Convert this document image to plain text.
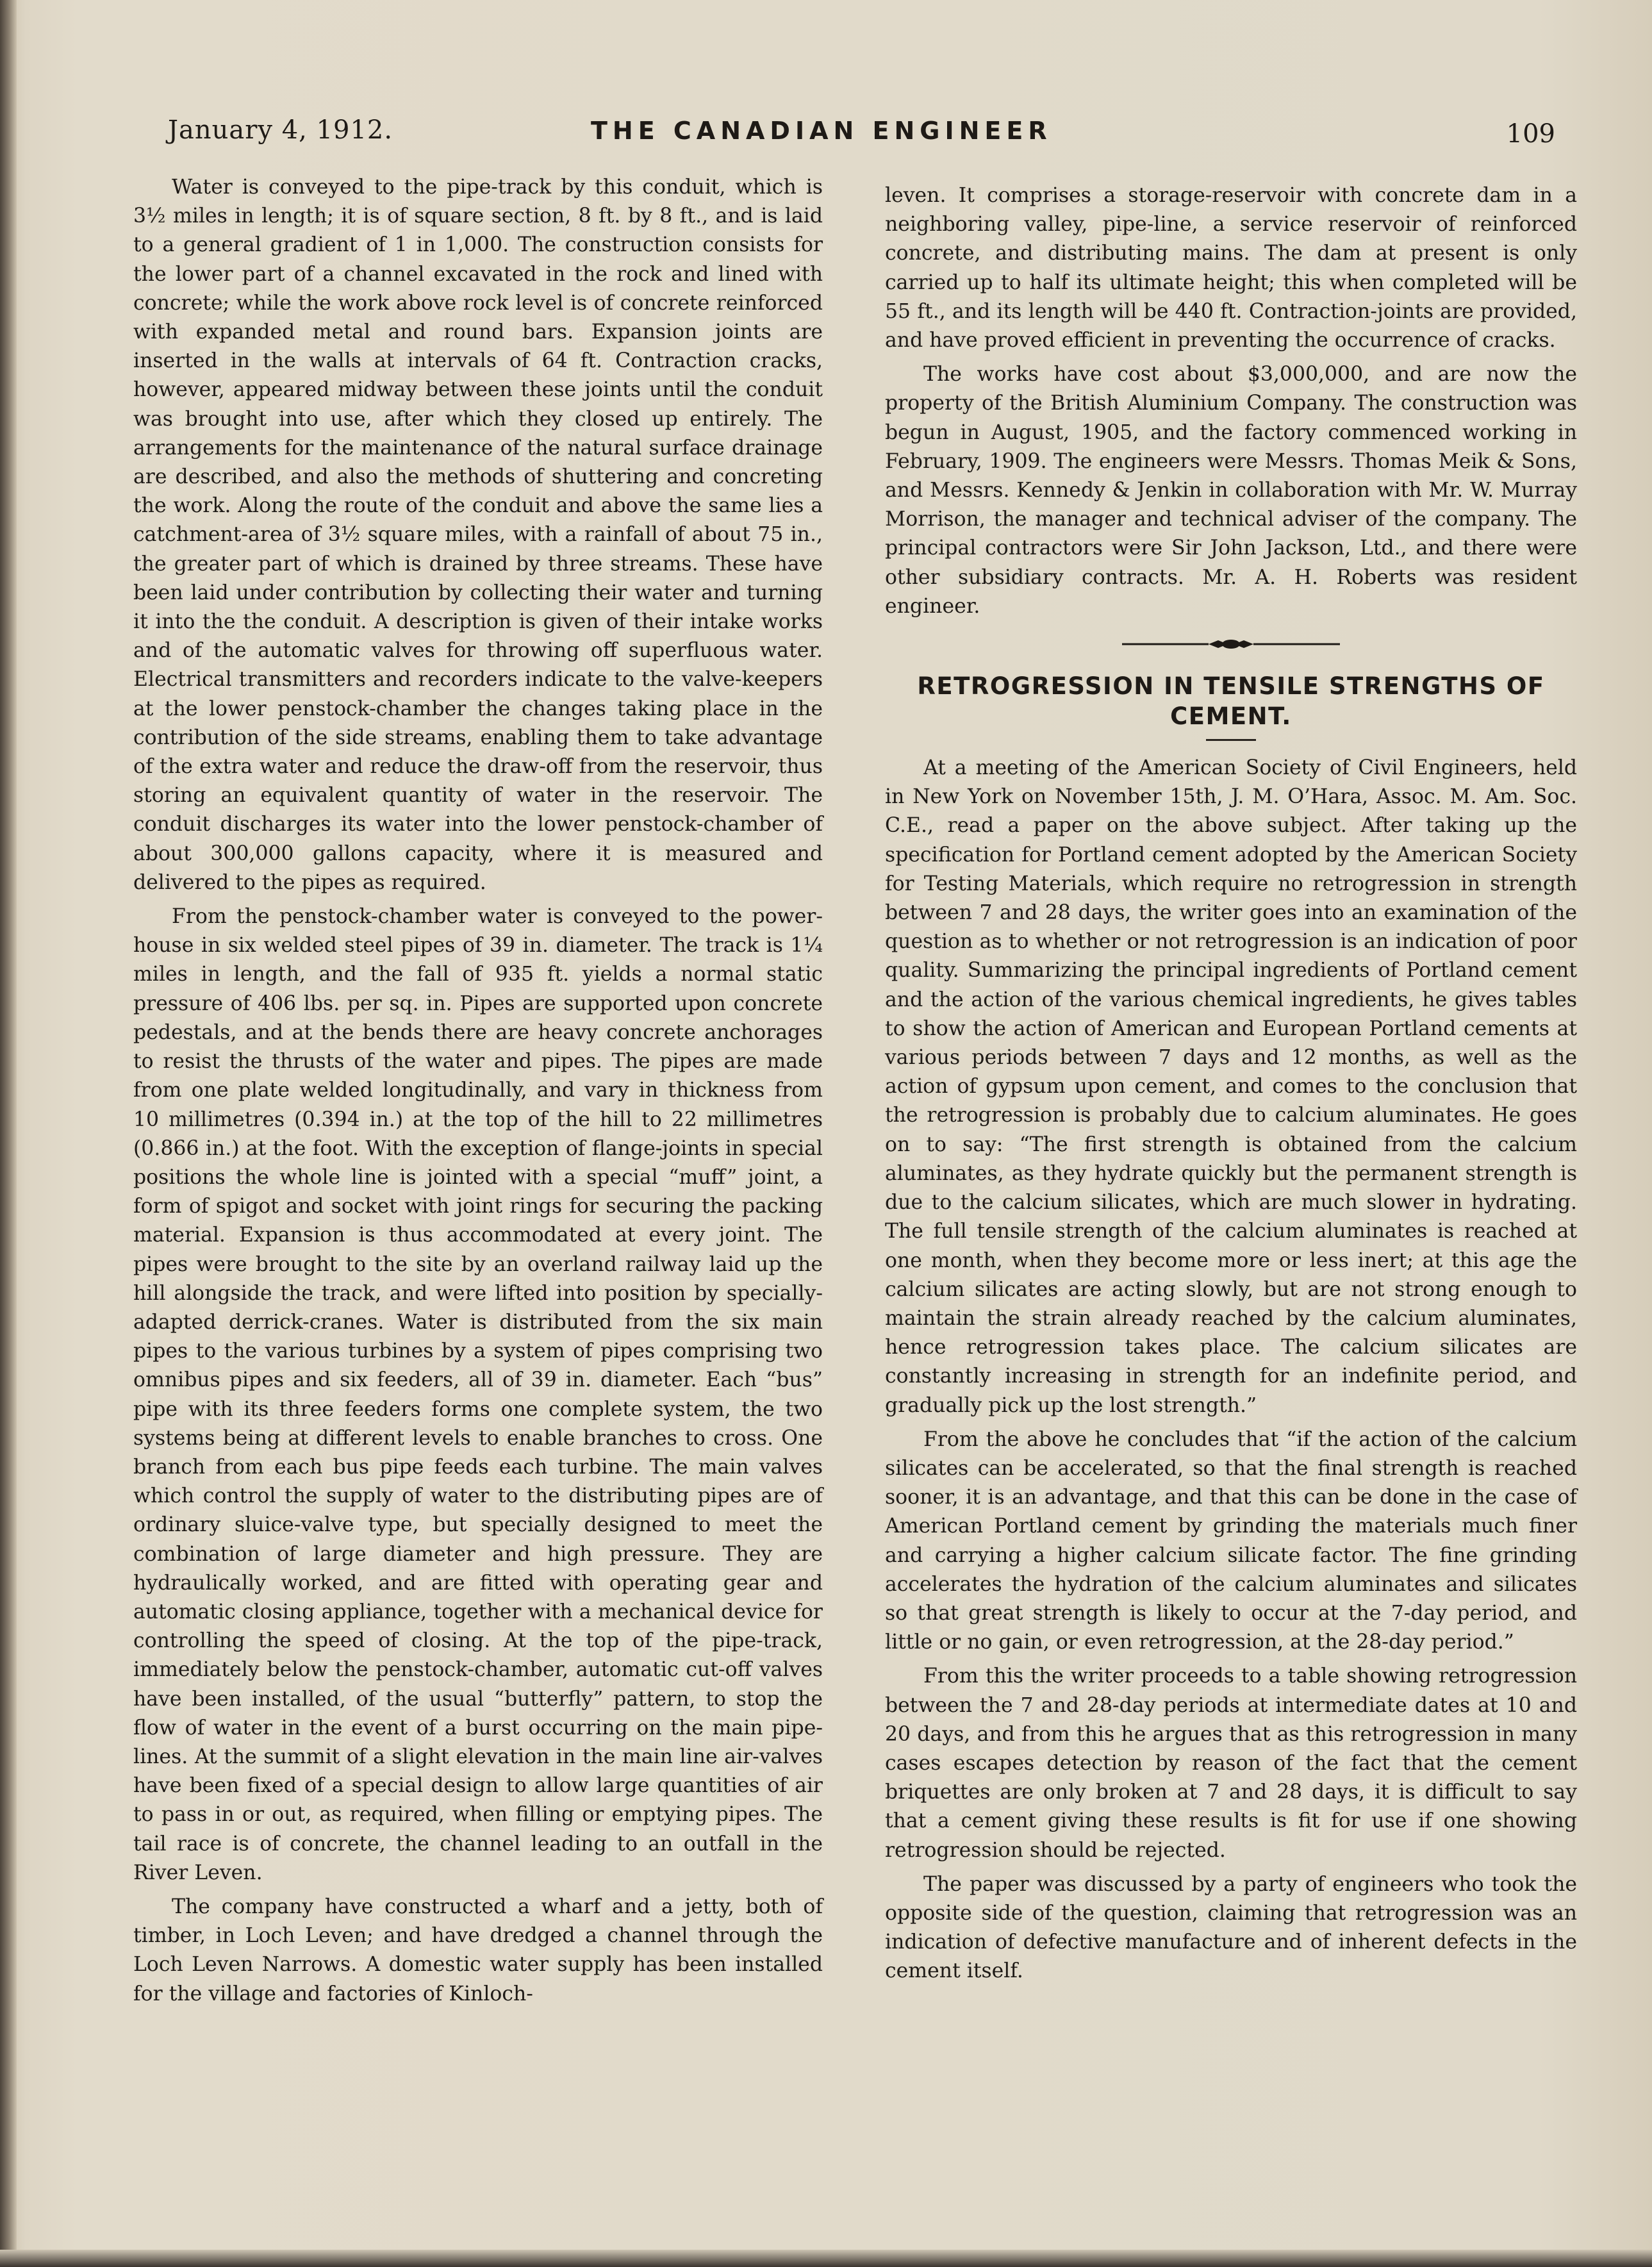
January 4, 1912.	THE CANADIAN ENGINEER	109

Water is conveyed to the pipe-track by this conduit, which is 3½ miles in length; it is of square section, 8 ft. by 8 ft., and is laid to a general gradient of 1 in 1,000. The construction consists for the lower part of a channel excavated in the rock and lined with concrete; while the work above rock level is of concrete reinforced with expanded metal and round bars. Expansion joints are inserted in the walls at intervals of 64 ft. Contraction cracks, however, appeared midway between these joints until the conduit was brought into use, after which they closed up entirely. The arrangements for the maintenance of the natural surface drainage are described, and also the methods of shuttering and concreting the work. Along the route of the conduit and above the same lies a catchment-area of 3½ square miles, with a rainfall of about 75 in., the greater part of which is drained by three streams. These have been laid under contribution by collecting their water and turning it into the the conduit. A description is given of their intake works and of the automatic valves for throwing off superfluous water. Electrical transmitters and recorders indicate to the valve-keepers at the lower penstock-chamber the changes taking place in the contribution of the side streams, enabling them to take advantage of the extra water and reduce the draw-off from the reservoir, thus storing an equivalent quantity of water in the reservoir. The conduit discharges its water into the lower penstock-chamber of about 300,000 gallons capacity, where it is measured and delivered to the pipes as required.

From the penstock-chamber water is conveyed to the power-house in six welded steel pipes of 39 in. diameter. The track is 1¼ miles in length, and the fall of 935 ft. yields a normal static pressure of 406 lbs. per sq. in. Pipes are supported upon concrete pedestals, and at the bends there are heavy concrete anchorages to resist the thrusts of the water and pipes. The pipes are made from one plate welded longitudinally, and vary in thickness from 10 millimetres (0.394 in.) at the top of the hill to 22 millimetres (0.866 in.) at the foot. With the exception of flange-joints in special positions the whole line is jointed with a special “muff” joint, a form of spigot and socket with joint rings for securing the packing material. Expansion is thus accommodated at every joint. The pipes were brought to the site by an overland railway laid up the hill alongside the track, and were lifted into position by specially-adapted derrick-cranes. Water is distributed from the six main pipes to the various turbines by a system of pipes comprising two omnibus pipes and six feeders, all of 39 in. diameter. Each “bus” pipe with its three feeders forms one complete system, the two systems being at different levels to enable branches to cross. One branch from each bus pipe feeds each turbine. The main valves which control the supply of water to the distributing pipes are of ordinary sluice-valve type, but specially designed to meet the combination of large diameter and high pressure. They are hydraulically worked, and are fitted with operating gear and automatic closing appliance, together with a mechanical device for controlling the speed of closing. At the top of the pipe-track, immediately below the penstock-chamber, automatic cut-off valves have been installed, of the usual “butterfly” pattern, to stop the flow of water in the event of a burst occurring on the main pipe-lines. At the summit of a slight elevation in the main line air-valves have been fixed of a special design to allow large quantities of air to pass in or out, as required, when filling or emptying pipes. The tail race is of concrete, the channel leading to an outfall in the River Leven.

The company have constructed a wharf and a jetty, both of timber, in Loch Leven; and have dredged a channel through the Loch Leven Narrows. A domestic water supply has been installed for the village and factories of Kinloch-

leven. It comprises a storage-reservoir with concrete dam in a neighboring valley, pipe-line, a service reservoir of reinforced concrete, and distributing mains. The dam at present is only carried up to half its ultimate height; this when completed will be 55 ft., and its length will be 440 ft. Contraction-joints are provided, and have proved efficient in preventing the occurrence of cracks.

The works have cost about $3,000,000, and are now the property of the British Aluminium Company. The construction was begun in August, 1905, and the factory commenced working in February, 1909. The engineers were Messrs. Thomas Meik & Sons, and Messrs. Kennedy & Jenkin in collaboration with Mr. W. Murray Morrison, the manager and technical adviser of the company. The principal contractors were Sir John Jackson, Ltd., and there were other subsidiary contracts. Mr. A. H. Roberts was resident engineer.

RETROGRESSION IN TENSILE STRENGTHS OF CEMENT.

At a meeting of the American Society of Civil Engineers, held in New York on November 15th, J. M. O’Hara, Assoc. M. Am. Soc. C.E., read a paper on the above subject. After taking up the specification for Portland cement adopted by the American Society for Testing Materials, which require no retrogression in strength between 7 and 28 days, the writer goes into an examination of the question as to whether or not retrogression is an indication of poor quality. Summarizing the principal ingredients of Portland cement and the action of the various chemical ingredients, he gives tables to show the action of American and European Portland cements at various periods between 7 days and 12 months, as well as the action of gypsum upon cement, and comes to the conclusion that the retrogression is probably due to calcium aluminates. He goes on to say: “The first strength is obtained from the calcium aluminates, as they hydrate quickly but the permanent strength is due to the calcium silicates, which are much slower in hydrating. The full tensile strength of the calcium aluminates is reached at one month, when they become more or less inert; at this age the calcium silicates are acting slowly, but are not strong enough to maintain the strain already reached by the calcium aluminates, hence retrogression takes place. The calcium silicates are constantly increasing in strength for an indefinite period, and gradually pick up the lost strength.”

From the above he concludes that “if the action of the calcium silicates can be accelerated, so that the final strength is reached sooner, it is an advantage, and that this can be done in the case of American Portland cement by grinding the materials much finer and carrying a higher calcium silicate factor. The fine grinding accelerates the hydration of the calcium aluminates and silicates so that great strength is likely to occur at the 7-day period, and little or no gain, or even retrogression, at the 28-day period.”

From this the writer proceeds to a table showing retrogression between the 7 and 28-day periods at intermediate dates at 10 and 20 days, and from this he argues that as this retrogression in many cases escapes detection by reason of the fact that the cement briquettes are only broken at 7 and 28 days, it is difficult to say that a cement giving these results is fit for use if one showing retrogression should be rejected.

The paper was discussed by a party of engineers who took the opposite side of the question, claiming that retrogression was an indication of defective manufacture and of inherent defects in the cement itself.
